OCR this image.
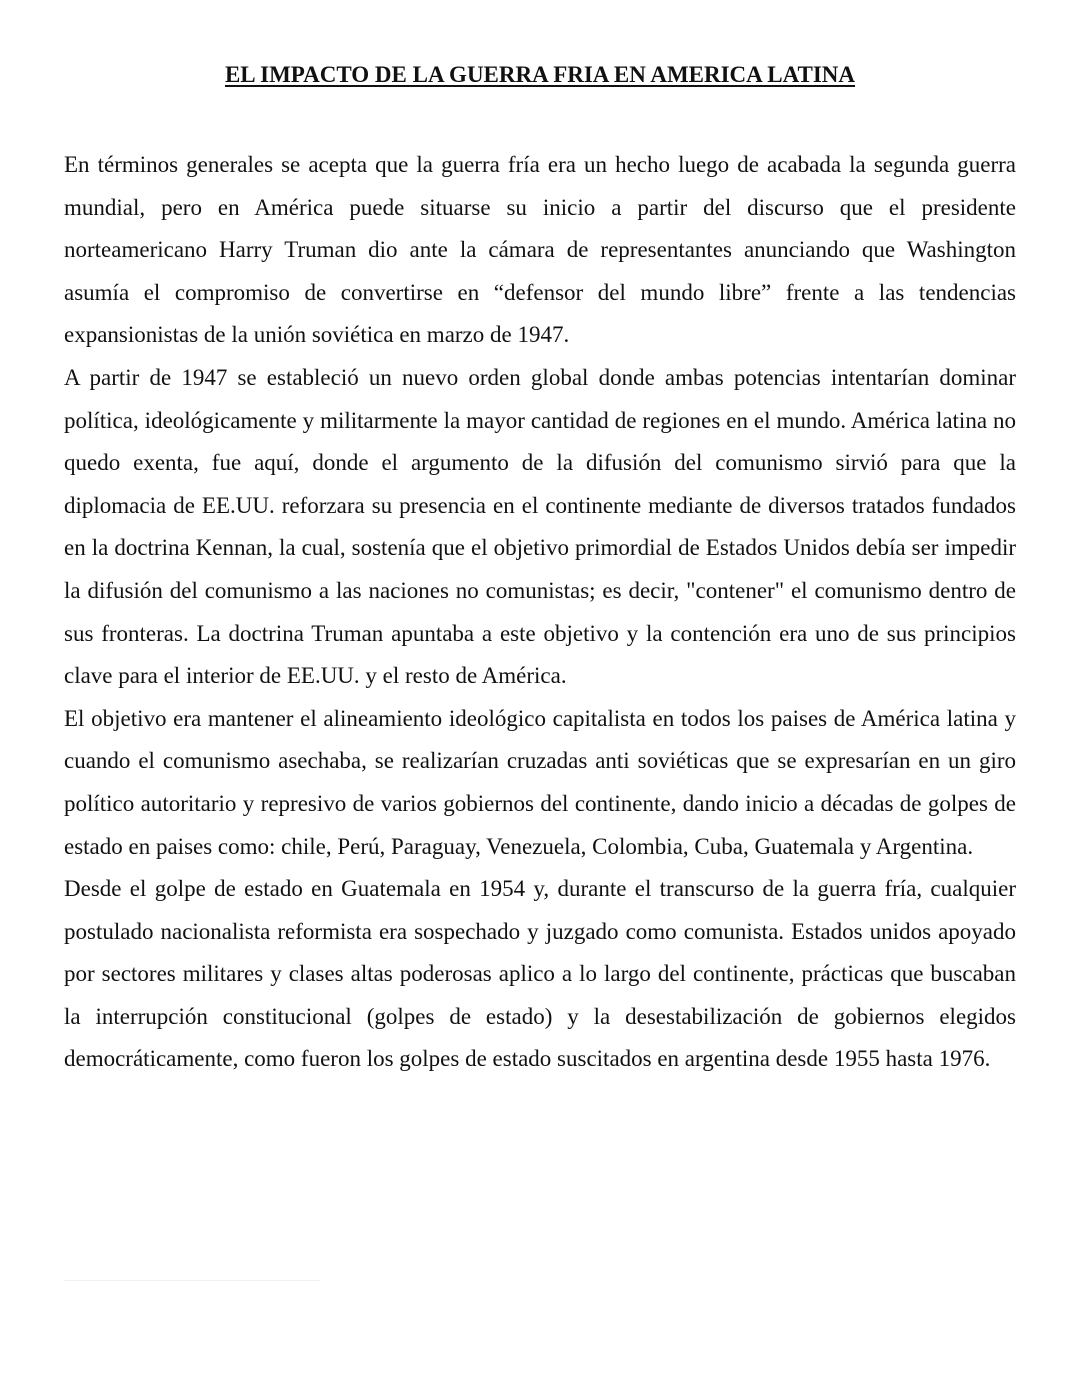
EL IMPACTO DE LA GUERRA FRIA EN AMERICA LATINA

En términos generales se acepta que la guerra fría era un hecho luego de acabada la segunda guerra mundial, pero en América puede situarse su inicio a partir del discurso que el presidente norteamericano Harry Truman dio ante la cámara de representantes anunciando que Washington asumía el compromiso de convertirse en “defensor del mundo libre” frente a las tendencias expansionistas de la unión soviética en marzo de 1947.

A partir de 1947 se estableció un nuevo orden global donde ambas potencias intentarían dominar política, ideológicamente y militarmente la mayor cantidad de regiones en el mundo. América latina no quedo exenta, fue aquí, donde el argumento de la difusión del comunismo sirvió para que la diplomacia de EE.UU. reforzara su presencia en el continente mediante de diversos tratados fundados en la doctrina Kennan, la cual, sostenía que el objetivo primordial de Estados Unidos debía ser impedir la difusión del comunismo a las naciones no comunistas; es decir, "contener" el comunismo dentro de sus fronteras. La doctrina Truman apuntaba a este objetivo y la contención era uno de sus principios clave para el interior de EE.UU. y el resto de América.

El objetivo era mantener el alineamiento ideológico capitalista en todos los paises de América latina y cuando el comunismo asechaba, se realizarían cruzadas anti soviéticas que se expresarían en un giro político autoritario y represivo de varios gobiernos del continente, dando inicio a décadas de golpes de estado en paises como: chile, Perú, Paraguay, Venezuela, Colombia, Cuba, Guatemala y Argentina.

Desde el golpe de estado en Guatemala en 1954 y, durante el transcurso de la guerra fría, cualquier postulado nacionalista reformista era sospechado y juzgado como comunista. Estados unidos apoyado por sectores militares y clases altas poderosas aplico a lo largo del continente, prácticas que buscaban la interrupción constitucional (golpes de estado) y la desestabilización de gobiernos elegidos democráticamente, como fueron los golpes de estado suscitados en argentina desde 1955 hasta 1976.
